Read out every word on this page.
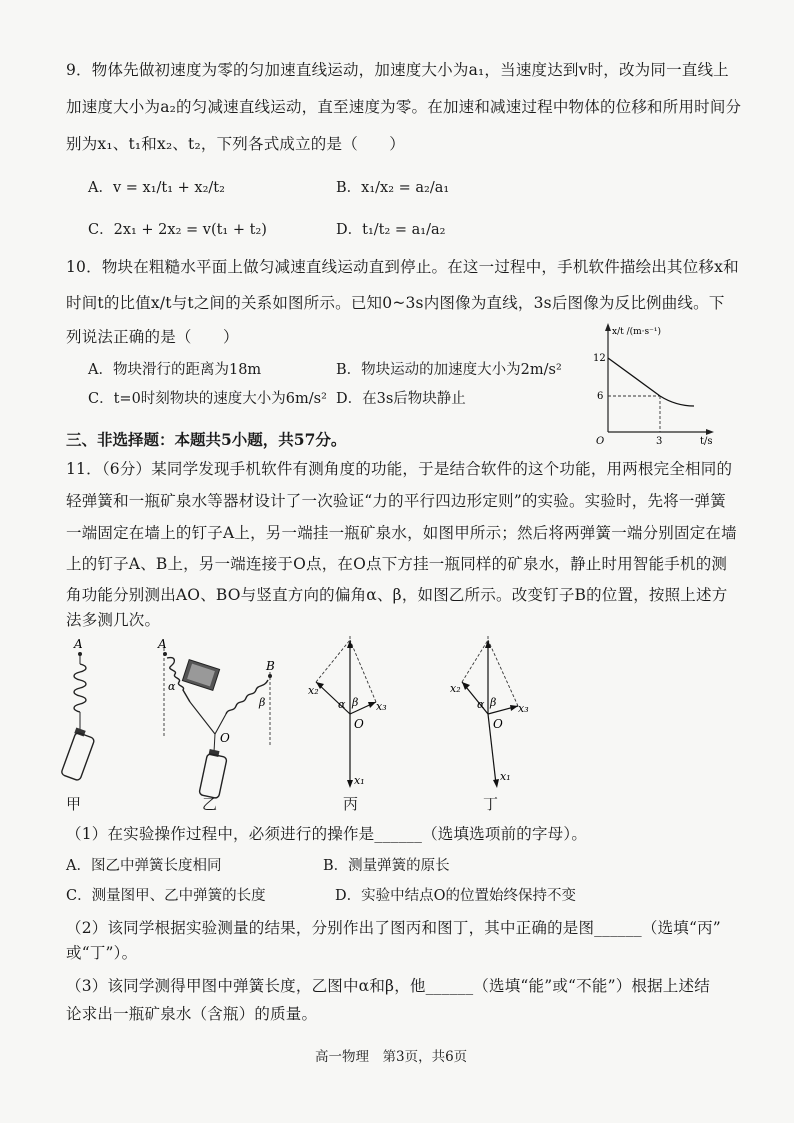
9．物体先做初速度为零的匀加速直线运动，加速度大小为a₁，当速度达到v时，改为同一直线上
加速度大小为a₂的匀减速直线运动，直至速度为零。在加速和减速过程中物体的位移和所用时间分
别为x₁、t₁和x₂、t₂，下列各式成立的是（　　）
A．v = x₁/t₁ + x₂/t₂	B．x₁/x₂ = a₂/a₁
C．2x₁ + 2x₂ = v(t₁ + t₂)	D．t₁/t₂ = a₁/a₂
10．物块在粗糙水平面上做匀减速直线运动直到停止。在这一过程中，手机软件描绘出其位移x和
时间t的比值x/t与t之间的关系如图所示。已知0~3s内图像为直线，3s后图像为反比例曲线。下
列说法正确的是（　　）
A．物块滑行的距离为18m	B．物块运动的加速度大小为2m/s²
C．t=0时刻物块的速度大小为6m/s² D．在3s后物块静止
x/t /(m·s⁻¹)
12
6
3	t/s
O
三、非选择题：本题共5小题，共57分。
11．（6分）某同学发现手机软件有测角度的功能，于是结合软件的这个功能，用两根完全相同的
轻弹簧和一瓶矿泉水等器材设计了一次验证“力的平行四边形定则”的实验。实验时，先将一弹簧
一端固定在墙上的钉子A上，另一端挂一瓶矿泉水，如图甲所示；然后将两弹簧一端分别固定在墙
上的钉子A、B上，另一端连接于O点，在O点下方挂一瓶同样的矿泉水，静止时用智能手机的测
角功能分别测出AO、BO与竖直方向的偏角α、β，如图乙所示。改变钉子B的位置，按照上述方
法多测几次。
A
甲
A
B
α
β
O
乙
x₂
x₃
α β
O
x₁
丙
x₂
x₃
α β
O
x₁
丁
（1）在实验操作过程中，必须进行的操作是______（选填选项前的字母）。
A．图乙中弹簧长度相同	B．测量弹簧的原长
C．测量图甲、乙中弹簧的长度	D．实验中结点O的位置始终保持不变
（2）该同学根据实验测量的结果，分别作出了图丙和图丁，其中正确的是图______（选填“丙”
或“丁”）。
（3）该同学测得甲图中弹簧长度，乙图中α和β，他______（选填“能”或“不能”）根据上述结
论求出一瓶矿泉水（含瓶）的质量。
高一物理　第3页，共6页
